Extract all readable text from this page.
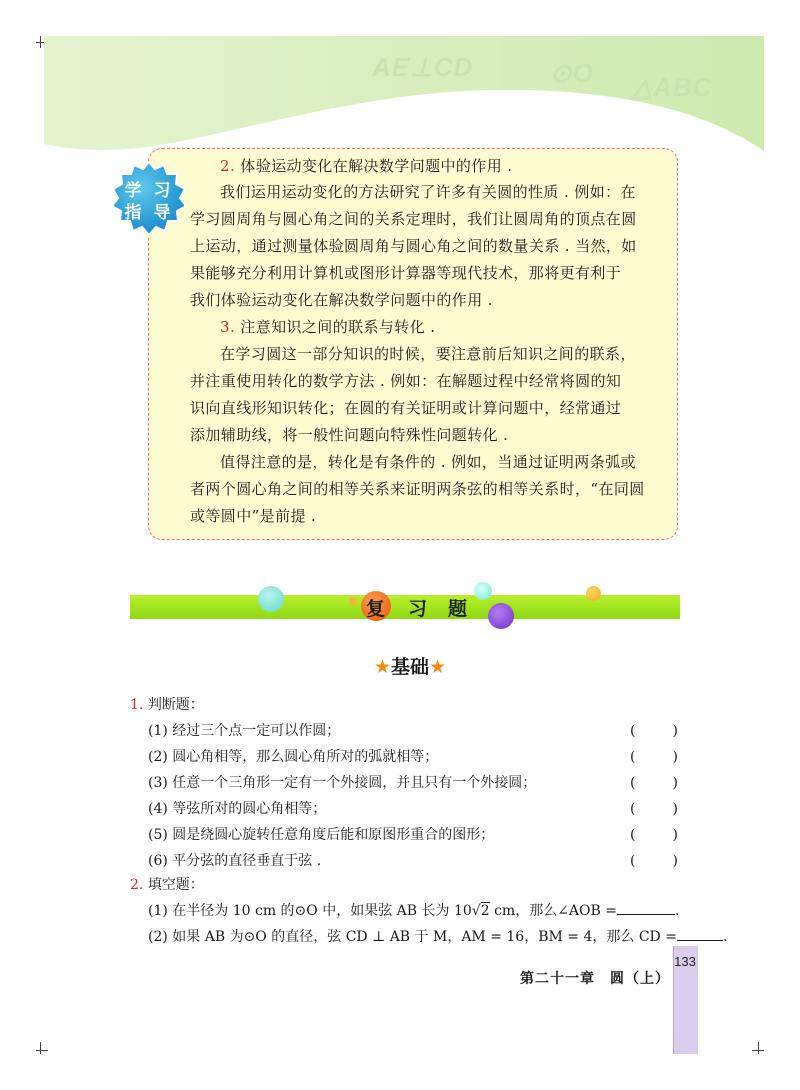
AE⊥CD	⊙O △ABC
学 习
指 导
2. 体验运动变化在解决数学问题中的作用 .
我们运用运动变化的方法研究了许多有关圆的性质 . 例如：在
学习圆周角与圆心角之间的关系定理时，我们让圆周角的顶点在圆
上运动，通过测量体验圆周角与圆心角之间的数量关系 . 当然，如
果能够充分利用计算机或图形计算器等现代技术，那将更有利于
我们体验运动变化在解决数学问题中的作用 .
3. 注意知识之间的联系与转化 .
在学习圆这一部分知识的时候，要注意前后知识之间的联系，
并注重使用转化的数学方法 . 例如：在解题过程中经常将圆的知
识向直线形知识转化；在圆的有关证明或计算问题中，经常通过
添加辅助线，将一般性问题向特殊性问题转化 .
值得注意的是，转化是有条件的 . 例如，当通过证明两条弧或
者两个圆心角之间的相等关系来证明两条弦的相等关系时，“在同圆
或等圆中”是前提 .
复 习 题
★基础★
1. 判断题：
(1) 经过三个点一定可以作圆；	(	)
(2) 圆心角相等，那么圆心角所对的弧就相等；	(	)
(3) 任意一个三角形一定有一个外接圆，并且只有一个外接圆；	(	)
(4) 等弦所对的圆心角相等；	(	)
(5) 圆是绕圆心旋转任意角度后能和原图形重合的图形；	(	)
(6) 平分弦的直径垂直于弦 .	(	)
2. 填空题：
(1) 在半径为 10 cm 的⊙O 中，如果弦 AB 长为 10√2 cm，那么∠AOB =	.
(2) 如果 AB 为⊙O 的直径，弦 CD ⊥ AB 于 M，AM = 16，BM = 4，那么 CD =	.
133
第二十一章　圆（上）
